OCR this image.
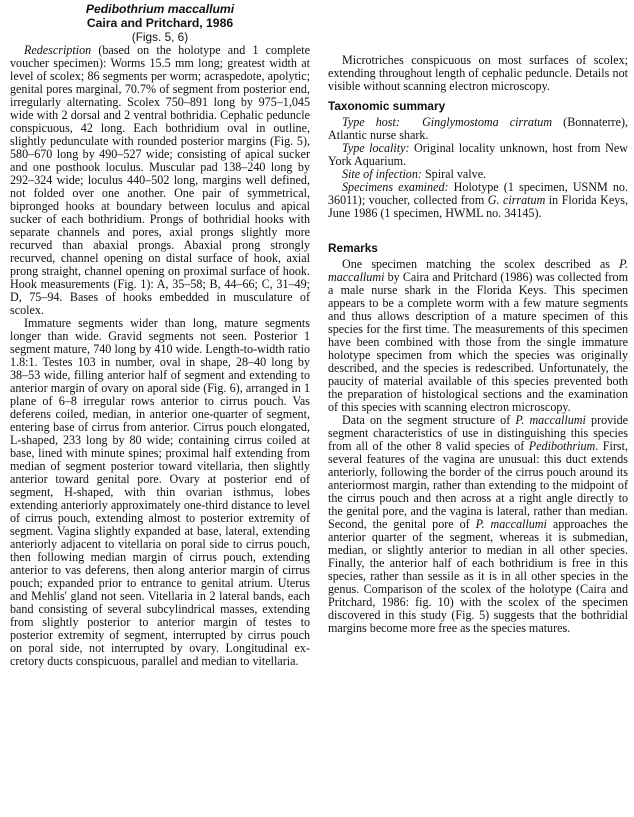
Pedibothrium maccallumi
Caira and Pritchard, 1986
(Figs. 5, 6)

Redescription (based on the holotype and 1 complete voucher specimen): Worms 15.5 mm long; greatest width at level of scolex; 86 segments per worm; acraspedote, apolytic; genital pores marginal, 70.7% of segment from posterior end, irregularly alternating. Scolex 750–891 long by 975–1,045 wide with 2 dorsal and 2 ventral bothridia. Cephalic peduncle conspicuous, 42 long. Each bothridium oval in outline, slightly pedunculate with rounded posterior margins (Fig. 5), 580–670 long by 490–527 wide; consisting of apical sucker and one posthook loculus. Muscular pad 138–240 long by 292–324 wide; loculus 440–502 long, margins well defined, not folded over one another. One pair of symmetrical, bipronged hooks at boundary between loculus and apical sucker of each bothridium. Prongs of bothridial hooks with separate channels and pores, axial prongs slightly more recurved than abaxial prongs. Abaxial prong strongly recurved, channel opening on distal surface of hook, axial prong straight, channel opening on proximal surface of hook. Hook measurements (Fig. 1): A, 35–58; B, 44–66; C, 31–49; D, 75–94. Bases of hooks embedded in musculature of scolex.

Immature segments wider than long, mature segments longer than wide. Gravid segments not seen. Posterior 1 segment mature, 740 long by 410 wide. Length-to-width ratio 1.8:1. Testes 103 in number, oval in shape, 28–40 long by 38–53 wide, filling anterior half of segment and extending to anterior margin of ovary on aporal side (Fig. 6), arranged in 1 plane of 6–8 irregular rows anterior to cirrus pouch. Vas deferens coiled, median, in anterior one-quarter of segment, entering base of cirrus from anterior. Cirrus pouch elongated, L-shaped, 233 long by 80 wide; containing cirrus coiled at base, lined with minute spines; proximal half extending from median of segment posterior toward vitellaria, then slightly anterior toward genital pore. Ovary at posterior end of segment, H-shaped, with thin ovarian isthmus, lobes extending anteriorly approximately one-third distance to level of cirrus pouch, extending almost to posterior extremity of segment. Vagina slightly expanded at base, lateral, extending anteriorly adjacent to vitellaria on poral side to cirrus pouch, then following median margin of cirrus pouch, extending anterior to vas deferens, then along anterior margin of cirrus pouch; expanded prior to entrance to genital atrium. Uterus and Mehlis' gland not seen. Vitellaria in 2 lateral bands, each band consisting of several subcylindrical masses, extending from slightly posterior to anterior margin of testes to posterior extremity of segment, interrupted by cirrus pouch on poral side, not interrupted by ovary. Longitudinal excretory ducts conspicuous, parallel and median to vitellaria.

Microtriches conspicuous on most surfaces of scolex; extending throughout length of cephalic peduncle. Details not visible without scanning electron microscopy.

Taxonomic summary

Type host: Ginglymostoma cirratum (Bonnaterre), Atlantic nurse shark.

Type locality: Original locality unknown, host from New York Aquarium.

Site of infection: Spiral valve.

Specimens examined: Holotype (1 specimen, USNM no. 36011); voucher, collected from G. cirratum in Florida Keys, June 1986 (1 specimen, HWML no. 34145).

Remarks

One specimen matching the scolex described as P. maccallumi by Caira and Pritchard (1986) was collected from a male nurse shark in the Florida Keys. This specimen appears to be a complete worm with a few mature segments and thus allows description of a mature specimen of this species for the first time. The measurements of this specimen have been combined with those from the single immature holotype specimen from which the species was originally described, and the species is redescribed. Unfortunately, the paucity of material available of this species prevented both the preparation of histological sections and the examination of this species with scanning electron microscopy.

Data on the segment structure of P. maccallumi provide segment characteristics of use in distinguishing this species from all of the other 8 valid species of Pedibothrium. First, several features of the vagina are unusual: this duct extends anteriorly, following the border of the cirrus pouch around its anteriormost margin, rather than extending to the midpoint of the cirrus pouch and then across at a right angle directly to the genital pore, and the vagina is lateral, rather than median. Second, the genital pore of P. maccallumi approaches the anterior quarter of the segment, whereas it is submedian, median, or slightly anterior to median in all other species. Finally, the anterior half of each bothridium is free in this species, rather than sessile as it is in all other species in the genus. Comparison of the scolex of the holotype (Caira and Pritchard, 1986: fig. 10) with the scolex of the specimen discovered in this study (Fig. 5) suggests that the bothridial margins become more free as the species matures.
